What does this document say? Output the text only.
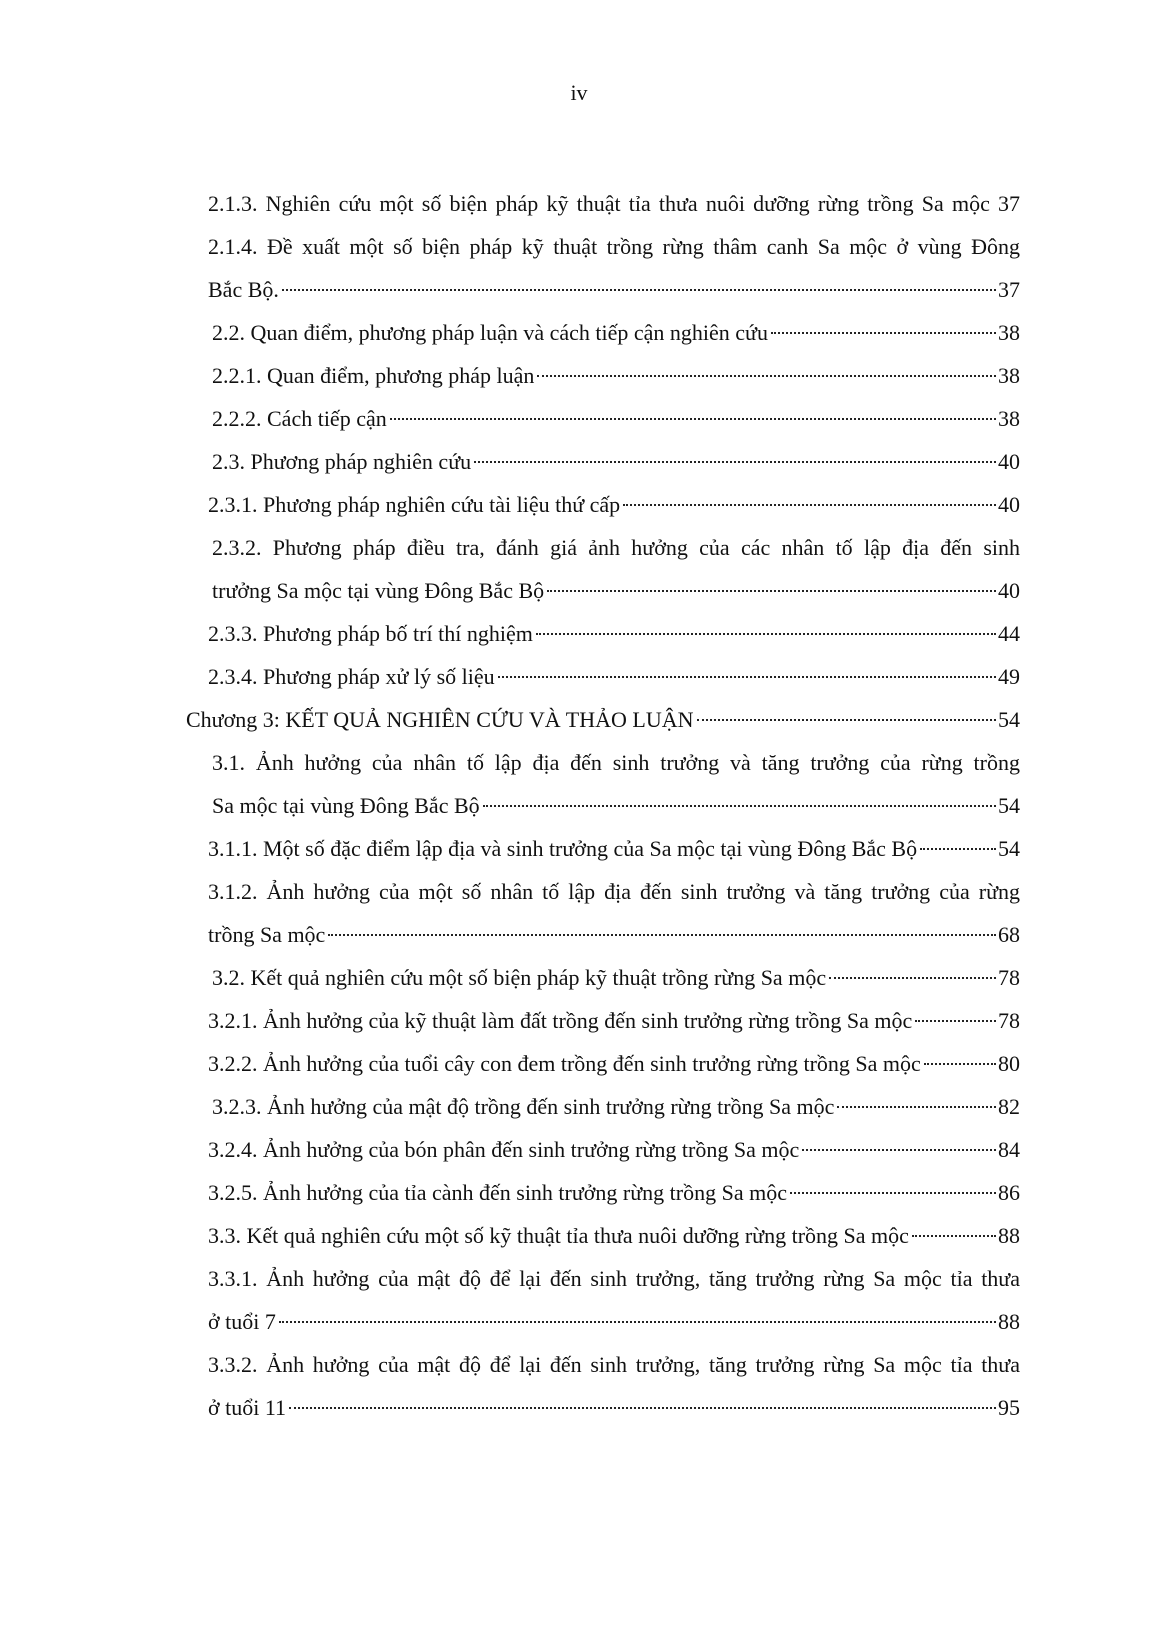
iv
2.1.3. Nghiên cứu một số biện pháp kỹ thuật tỉa thưa nuôi dưỡng rừng trồng Sa mộc 37
2.1.4. Đề xuất một số biện pháp kỹ thuật trồng rừng thâm canh Sa mộc ở vùng Đông
Bắc Bộ.	37
2.2. Quan điểm, phương pháp luận và cách tiếp cận nghiên cứu	38
2.2.1. Quan điểm, phương pháp luận	38
2.2.2. Cách tiếp cận	38
2.3. Phương pháp nghiên cứu	40
2.3.1. Phương pháp nghiên cứu tài liệu thứ cấp	40
2.3.2. Phương pháp điều tra, đánh giá ảnh hưởng của các nhân tố lập địa đến sinh
trưởng Sa mộc tại vùng Đông Bắc Bộ	40
2.3.3. Phương pháp bố trí thí nghiệm	44
2.3.4. Phương pháp xử lý số liệu	49
Chương 3: KẾT QUẢ NGHIÊN CỨU VÀ THẢO LUẬN	54
3.1. Ảnh hưởng của nhân tố lập địa đến sinh trưởng và tăng trưởng của rừng trồng
Sa mộc tại vùng Đông Bắc Bộ	54
3.1.1. Một số đặc điểm lập địa và sinh trưởng của Sa mộc tại vùng Đông Bắc Bộ	54
3.1.2. Ảnh hưởng của một số nhân tố lập địa đến sinh trưởng và tăng trưởng của rừng
trồng Sa mộc	68
3.2. Kết quả nghiên cứu một số biện pháp kỹ thuật trồng rừng Sa mộc	78
3.2.1. Ảnh hưởng của kỹ thuật làm đất trồng đến sinh trưởng rừng trồng Sa mộc	78
3.2.2. Ảnh hưởng của tuổi cây con đem trồng đến sinh trưởng rừng trồng Sa mộc	80
3.2.3. Ảnh hưởng của mật độ trồng đến sinh trưởng rừng trồng Sa mộc	82
3.2.4. Ảnh hưởng của bón phân đến sinh trưởng rừng trồng Sa mộc	84
3.2.5. Ảnh hưởng của tỉa cành đến sinh trưởng rừng trồng Sa mộc	86
3.3. Kết quả nghiên cứu một số kỹ thuật tỉa thưa nuôi dưỡng rừng trồng Sa mộc	88
3.3.1. Ảnh hưởng của mật độ để lại đến sinh trưởng, tăng trưởng rừng Sa mộc tỉa thưa
ở tuổi 7	88
3.3.2. Ảnh hưởng của mật độ để lại đến sinh trưởng, tăng trưởng rừng Sa mộc tỉa thưa
ở tuổi 11	95
